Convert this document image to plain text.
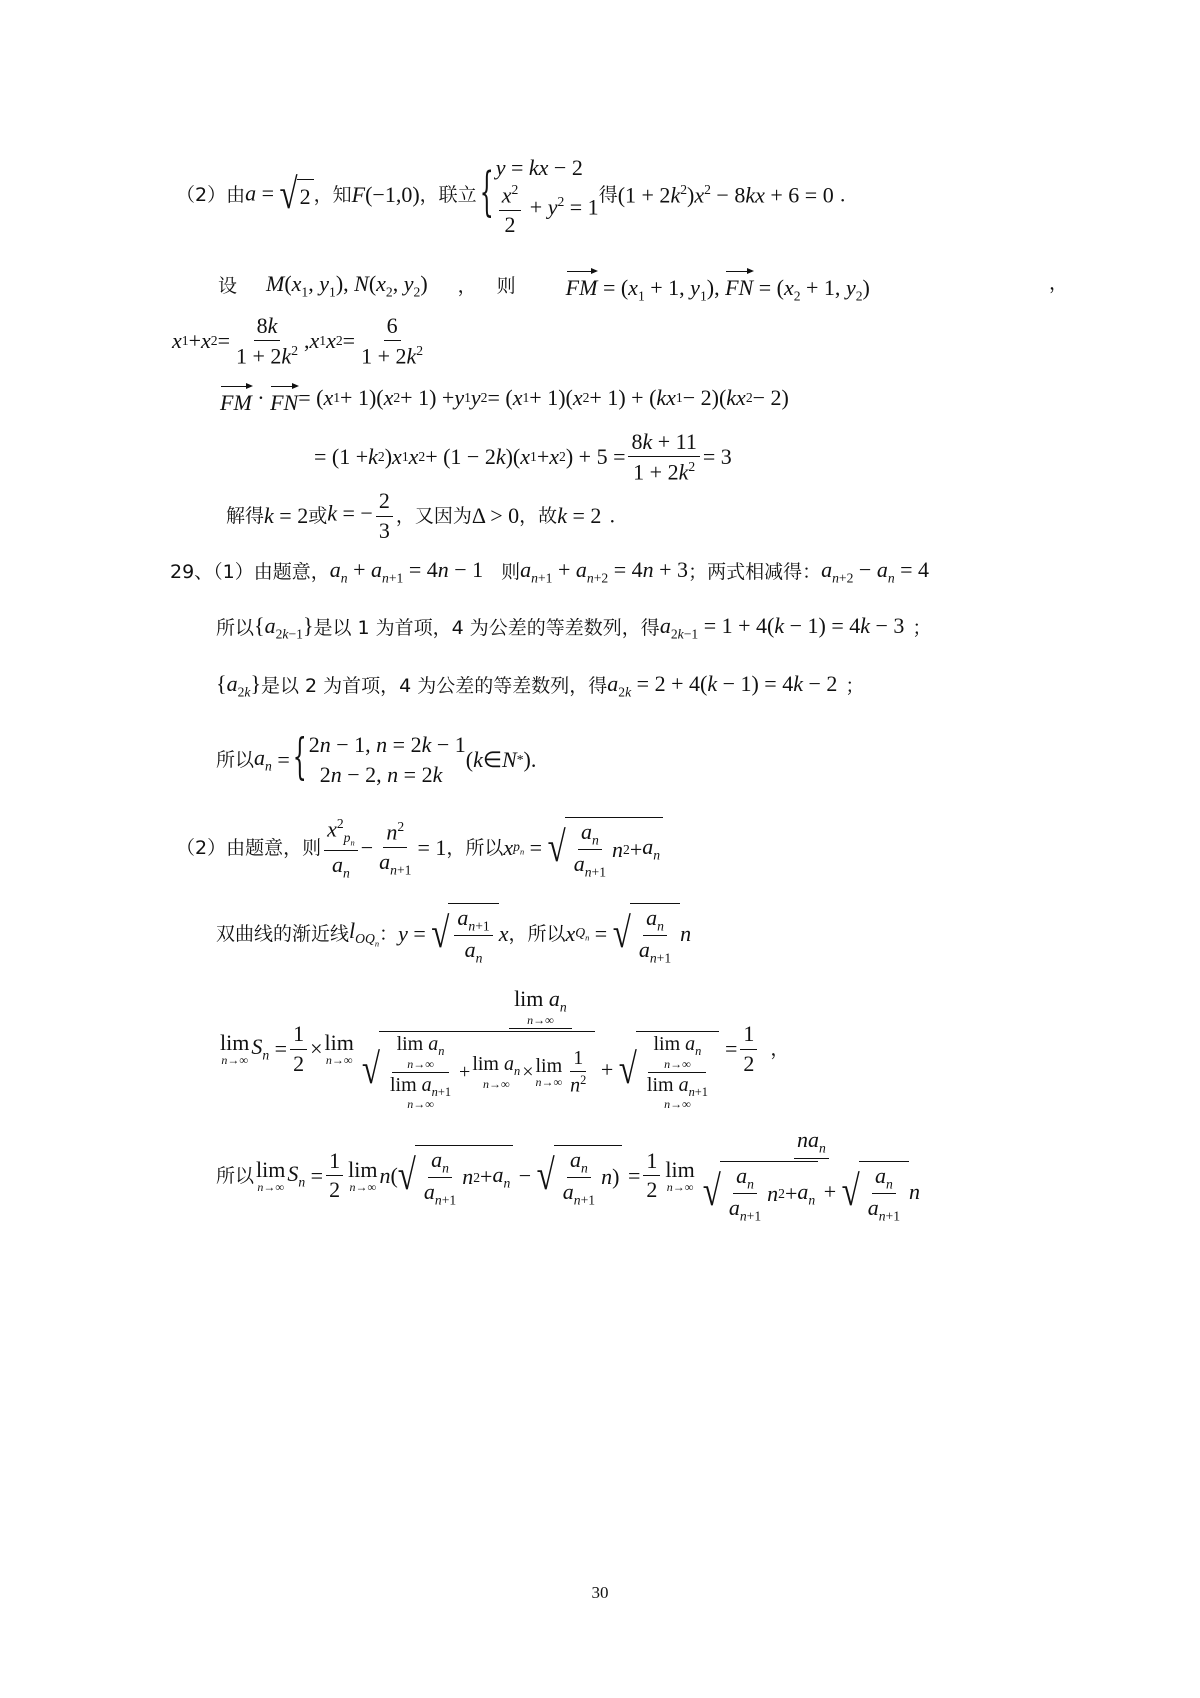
（2）由 a = √ 2 ，知 F(−1,0) ，联立 { y = kx − 2
$\frac{x^2}{2} + y^2 = 1$
得 $(1 + 2k^2)x^2 - 8kx + 6 = 0$ ．
设	$M(x_1$, $y_1$), $N(x_2$, $y_2$) ， 则 FM = ($x_1 + 1$, $y_1$), FN = ($x_2 + 1$, $y_2$)	，
x 1 + x $2 = \frac{8k}{1 + 2k^2}$ , x 1 x $2 = \frac{6}{1 + 2k^2}$
FM · FN = ( x 1 + 1)( x 2 + 1) + y 1 y 2 = ( x 1 + 1)( x 2 + 1) + ( kx 1 − 2)( kx 2 − 2)
= (1 + k 2 ) x 1 x 2 + (1 − 2 k )( x 1 + x 2 ) + $5 = \frac{8k + 11}{1 + 2k^2} = 3$
解得 k = 2 或 k = − $\frac{2}{3}$ ，又因为 Δ > 0 ，故 k = 2 ．
29、（1）由题意， $a_n + a_{n+1} = 4n - 1$ 则 $a_{n+1} + a_{n+2} = 4n + 3$ ；两式相减得： $a_{n+2} - a_n = 4$
所以 $\{a_{2k-1}\}$ 是以 1 为首项，4 为公差的等差数列，得 $a_{2k-1} = 1 + 4(k - 1) = 4k - 3$ ；
$\{a_{2k}\}$ 是以 2 为首项，4 为公差的等差数列，得 $a_{2k} = 2 + 4(k - 1) = 4k - 2$ ；
所以 $a_n$ = { 2n − 1, n = 2k − 1
2n − 2, n = 2k
( k ∈ N * ).
（2）由题意，则 $\frac{x^2_{p_n}}{a_n} - \frac{n^2}{a_{n+1}} = 1$ ，所以 x $p_n$ = √ $\frac{a_n}{a_{n+1}}$ n $2 + a_n$
双曲线的渐近线 $l_{OQ_n}$ ： y = √ $\frac{a_{n+1}}{a_n}$ x ，所以 x $Q_n$ = √ $\frac{a_n}{a_{n+1}}$ n
lim
n→∞
$S_n = \frac{1}{2} \times \lim$
n→∞
$\lim a_n$
n→∞
√ $\lim a_n$
n→∞
$\lim a_{n+1}$
$n\to\infty + \lim a_n$
n→∞
× lim
$n\to\infty \frac{1}{n^2}$ + √ $\lim a_n$
n→∞
$\lim a_{n+1}$
$n\to\infty = \frac{1}{2}$ ，
所以 lim
n→∞
$S_n = \frac{1}{2}$ lim
n→∞ n ( √ $\frac{a_n}{a_{n+1}}$ n $2 + a_n$ − √ $\frac{a_n}{a_{n+1}}$ n ) = $\frac{1}{2}$ lim
$n\to\infty \frac{na_n}{√ \frac{a_n}{a_{n+1}} n 2 + a_n + √ \frac{a_n}{a_{n+1}} n}$
30
